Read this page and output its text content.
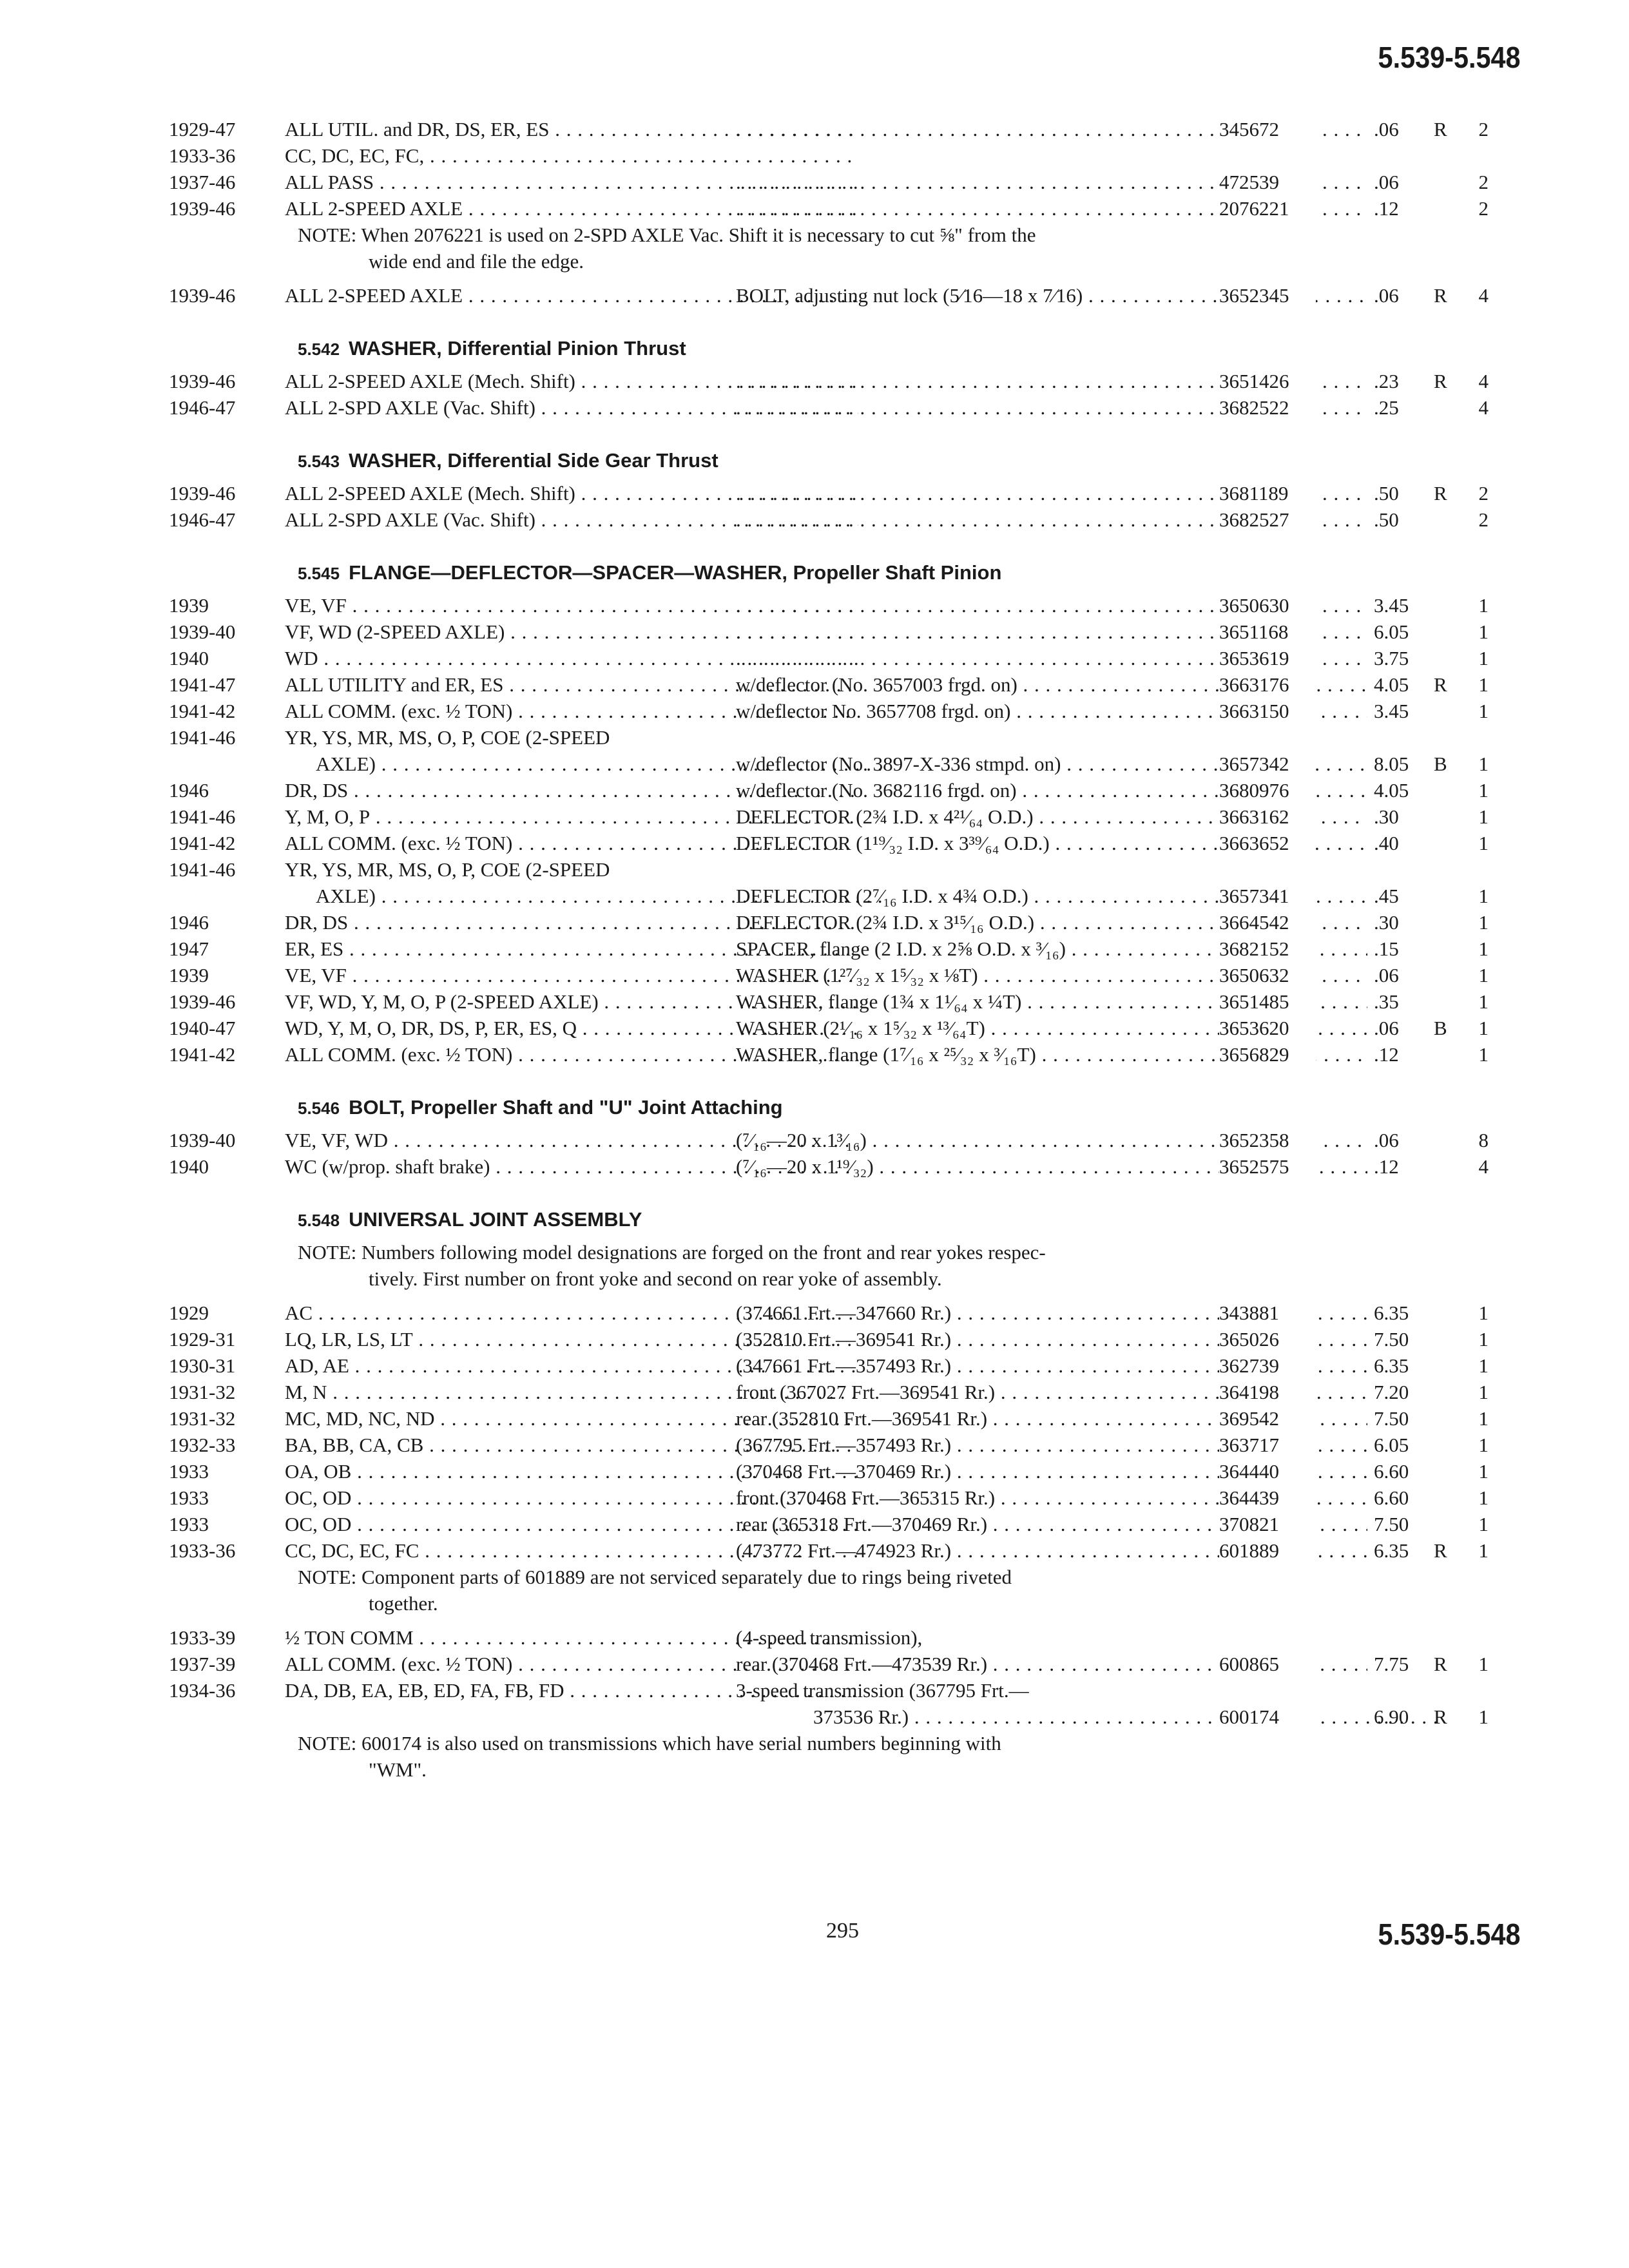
5.539-5.548
1929-47	ALL UTIL. and DR, DS, ER, ES . . . . . .	345672	.06	R	2
1933-36	CC, DC, EC, FC, . . .
1937-46	ALL PASS . . . . . .	472539	.06	2
1939-46	ALL 2-SPEED AXLE . . . . . .	2076221	.12	2
NOTE: When 2076221 is used on 2-SPD AXLE Vac. Shift it is necessary to cut ⅝" from the
wide end and file the edge.
1939-46	ALL 2-SPEED AXLE . . .	BOLT, adjusting nut lock (5⁄16—18 x 7⁄16) . . .	3652345	.06	R	4
5.542 WASHER, Differential Pinion Thrust
1939-46	ALL 2-SPEED AXLE (Mech. Shift) . . . . . .	3651426	.23	R	4
1946-47	ALL 2-SPD AXLE (Vac. Shift) . . . . . .	3682522	.25	4
5.543 WASHER, Differential Side Gear Thrust
1939-46	ALL 2-SPEED AXLE (Mech. Shift) . . . . . .	3681189	.50	R	2
1946-47	ALL 2-SPD AXLE (Vac. Shift) . . . . . .	3682527	.50	2
5.545 FLANGE—DEFLECTOR—SPACER—WASHER, Propeller Shaft Pinion
1939	VE, VF . . . . . .	3650630	3.45	1
1939-40	VF, WD (2-SPEED AXLE) . . . . . .	3651168	6.05	1
1940	WD . . . . . .	3653619	3.75	1
1941-47	ALL UTILITY and ER, ES . . .	w/deflector (No. 3657003 frgd. on) . . .	3663176	4.05	R	1
1941-42	ALL COMM. (exc. ½ TON) . . .	w/deflector No. 3657708 frgd. on) . . .	3663150	3.45	1
1941-46	YR, YS, MR, MS, O, P, COE (2-SPEED
AXLE) . . .	w/deflector (No. 3897-X-336 stmpd. on) . . .	3657342	8.05	B	1
1946	DR, DS . . .	w/deflector (No. 3682116 frgd. on) . . .	3680976	4.05	1
1941-46	Y, M, O, P . . .	DEFLECTOR (2¾ I.D. x 4²¹⁄₆₄ O.D.) . . .	3663162	.30	1
1941-42	ALL COMM. (exc. ½ TON) . . .	DEFLECTOR (1¹⁹⁄₃₂ I.D. x 3³⁹⁄₆₄ O.D.) . . .	3663652	.40	1
1941-46	YR, YS, MR, MS, O, P, COE (2-SPEED
AXLE) . . .	DEFLECTOR (2⁷⁄₁₆ I.D. x 4¾ O.D.) . . .	3657341	.45	1
1946	DR, DS . . .	DEFLECTOR (2¾ I.D. x 3¹⁵⁄₁₆ O.D.) . . .	3664542	.30	1
1947	ER, ES . . .	SPACER, flange (2 I.D. x 2⅝ O.D. x ³⁄₁₆) . . .	3682152	.15	1
1939	VE, VF . . .	WASHER (1²⁷⁄₃₂ x 1⁵⁄₃₂ x ⅛T) . . .	3650632	.06	1
1939-46	VF, WD, Y, M, O, P (2-SPEED AXLE) . . .	WASHER, flange (1¾ x 1¹⁄₆₄ x ¼T) . . .	3651485	.35	1
1940-47	WD, Y, M, O, DR, DS, P, ER, ES, Q . . .	WASHER (2¹⁄₁₆ x 1⁵⁄₃₂ x ¹³⁄₆₄T) . . .	3653620	.06	B	1
1941-42	ALL COMM. (exc. ½ TON) . . .	WASHER, flange (1⁷⁄₁₆ x ²⁵⁄₃₂ x ³⁄₁₆T) . . .	3656829	.12	1
5.546 BOLT, Propeller Shaft and "U" Joint Attaching
1939-40	VE, VF, WD . . .	(⁷⁄₁₆—20 x 1³⁄₁₆) . . .	3652358	.06	8
1940	WC (w/prop. shaft brake) . . .	(⁷⁄₁₆—20 x 1¹⁹⁄₃₂) . . .	3652575	.12	4
5.548 UNIVERSAL JOINT ASSEMBLY
NOTE: Numbers following model designations are forged on the front and rear yokes respec-
tively. First number on front yoke and second on rear yoke of assembly.
1929	AC . . .	(374661 Frt.—347660 Rr.) . . .	343881	6.35	1
1929-31	LQ, LR, LS, LT . . .	(352810 Frt.—369541 Rr.) . . .	365026	7.50	1
1930-31	AD, AE . . .	(347661 Frt.—357493 Rr.) . . .	362739	6.35	1
1931-32	M, N . . .	front (367027 Frt.—369541 Rr.) . . .	364198	7.20	1
1931-32	MC, MD, NC, ND . . .	rear (352810 Frt.—369541 Rr.) . . .	369542	7.50	1
1932-33	BA, BB, CA, CB . . .	(367795 Frt.—357493 Rr.) . . .	363717	6.05	1
1933	OA, OB . . .	(370468 Frt.—370469 Rr.) . . .	364440	6.60	1
1933	OC, OD . . .	front (370468 Frt.—365315 Rr.) . . .	364439	6.60	1
1933	OC, OD . . .	rear (365318 Frt.—370469 Rr.) . . .	370821	7.50	1
1933-36	CC, DC, EC, FC . . .	(473772 Frt.—474923 Rr.) . . .	601889	6.35	R	1
NOTE: Component parts of 601889 are not serviced separately due to rings being riveted
together.
1933-39	½ TON COMM . . .	(4-speed transmission),
1937-39	ALL COMM. (exc. ½ TON) . . .	rear (370468 Frt.—473539 Rr.) . . .	600865	7.75	R	1
1934-36	DA, DB, EA, EB, ED, FA, FB, FD . . .	3-speed transmission (367795 Frt.—
373536 Rr.) . . .	600174	6.90	R	1
NOTE: 600174 is also used on transmissions which have serial numbers beginning with
"WM".
295	5.539-5.548
